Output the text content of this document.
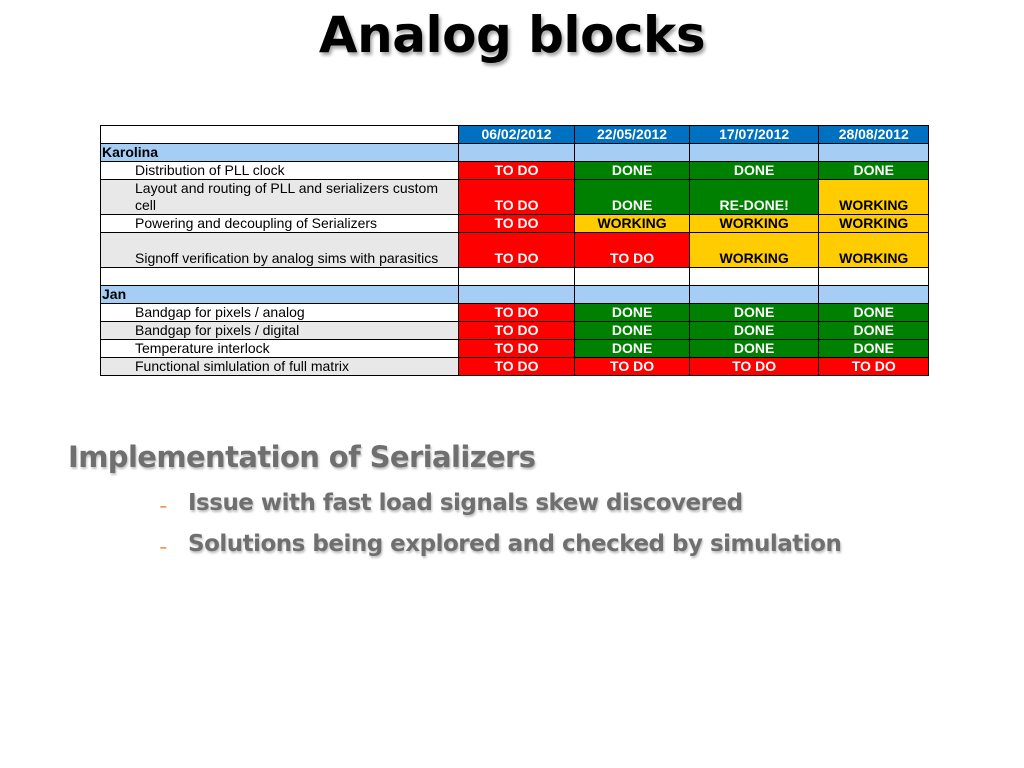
Analog blocks
	06/02/2012	22/05/2012	17/07/2012	28/08/2012
Karolina				
Distribution of PLL clock	TO DO	DONE	DONE	DONE
Layout and routing of PLL and serializers custom cell	TO DO	DONE	RE-DONE!	WORKING
Powering and decoupling of Serializers	TO DO	WORKING	WORKING	WORKING
Signoff verification by analog sims with parasitics	TO DO	TO DO	WORKING	WORKING

Jan				
Bandgap for pixels / analog	TO DO	DONE	DONE	DONE
Bandgap for pixels / digital	TO DO	DONE	DONE	DONE
Temperature interlock	TO DO	DONE	DONE	DONE
Functional simlulation of full matrix	TO DO	TO DO	TO DO	TO DO
Implementation of Serializers
– Issue with fast load signals skew discovered
– Solutions being explored and checked by simulation
